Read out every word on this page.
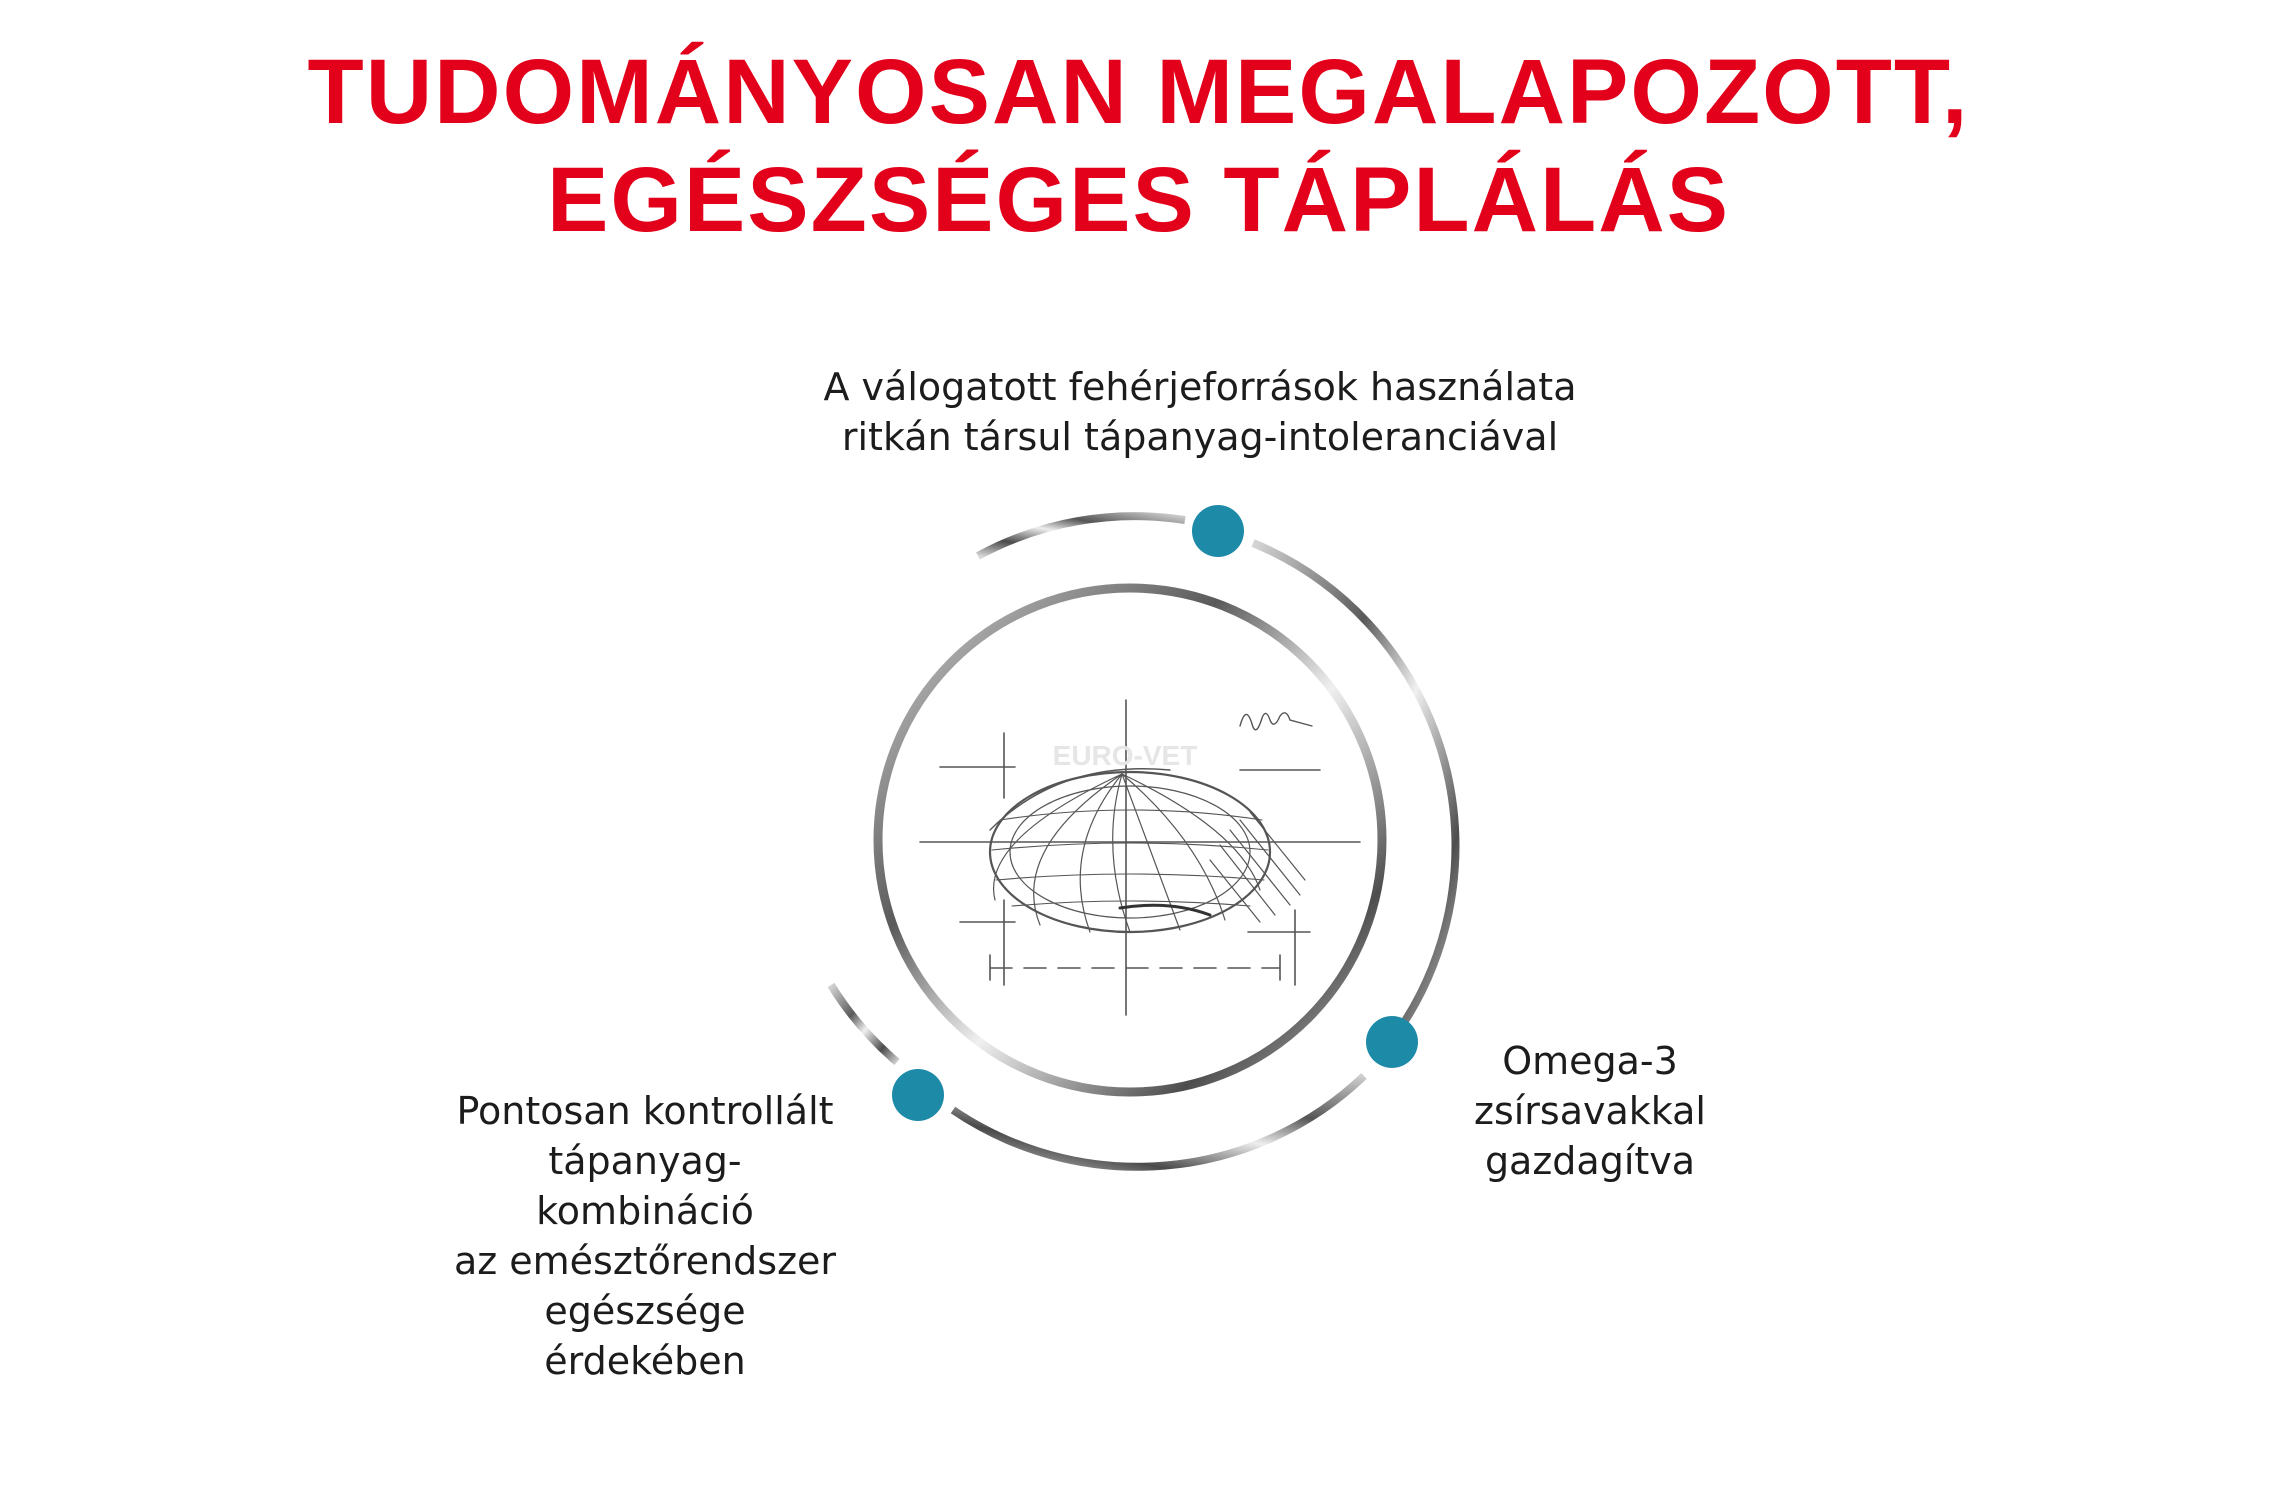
TUDOMÁNYOSAN MEGALAPOZOTT,
EGÉSZSÉGES TÁPLÁLÁS
EURO-VET
A válogatott fehérjeforrások használata
ritkán társul tápanyag-intoleranciával
Omega-3
zsírsavakkal
gazdagítva
Pontosan kontrollált
tápanyag-
kombináció
az emésztőrendszer
egészsége
érdekében
